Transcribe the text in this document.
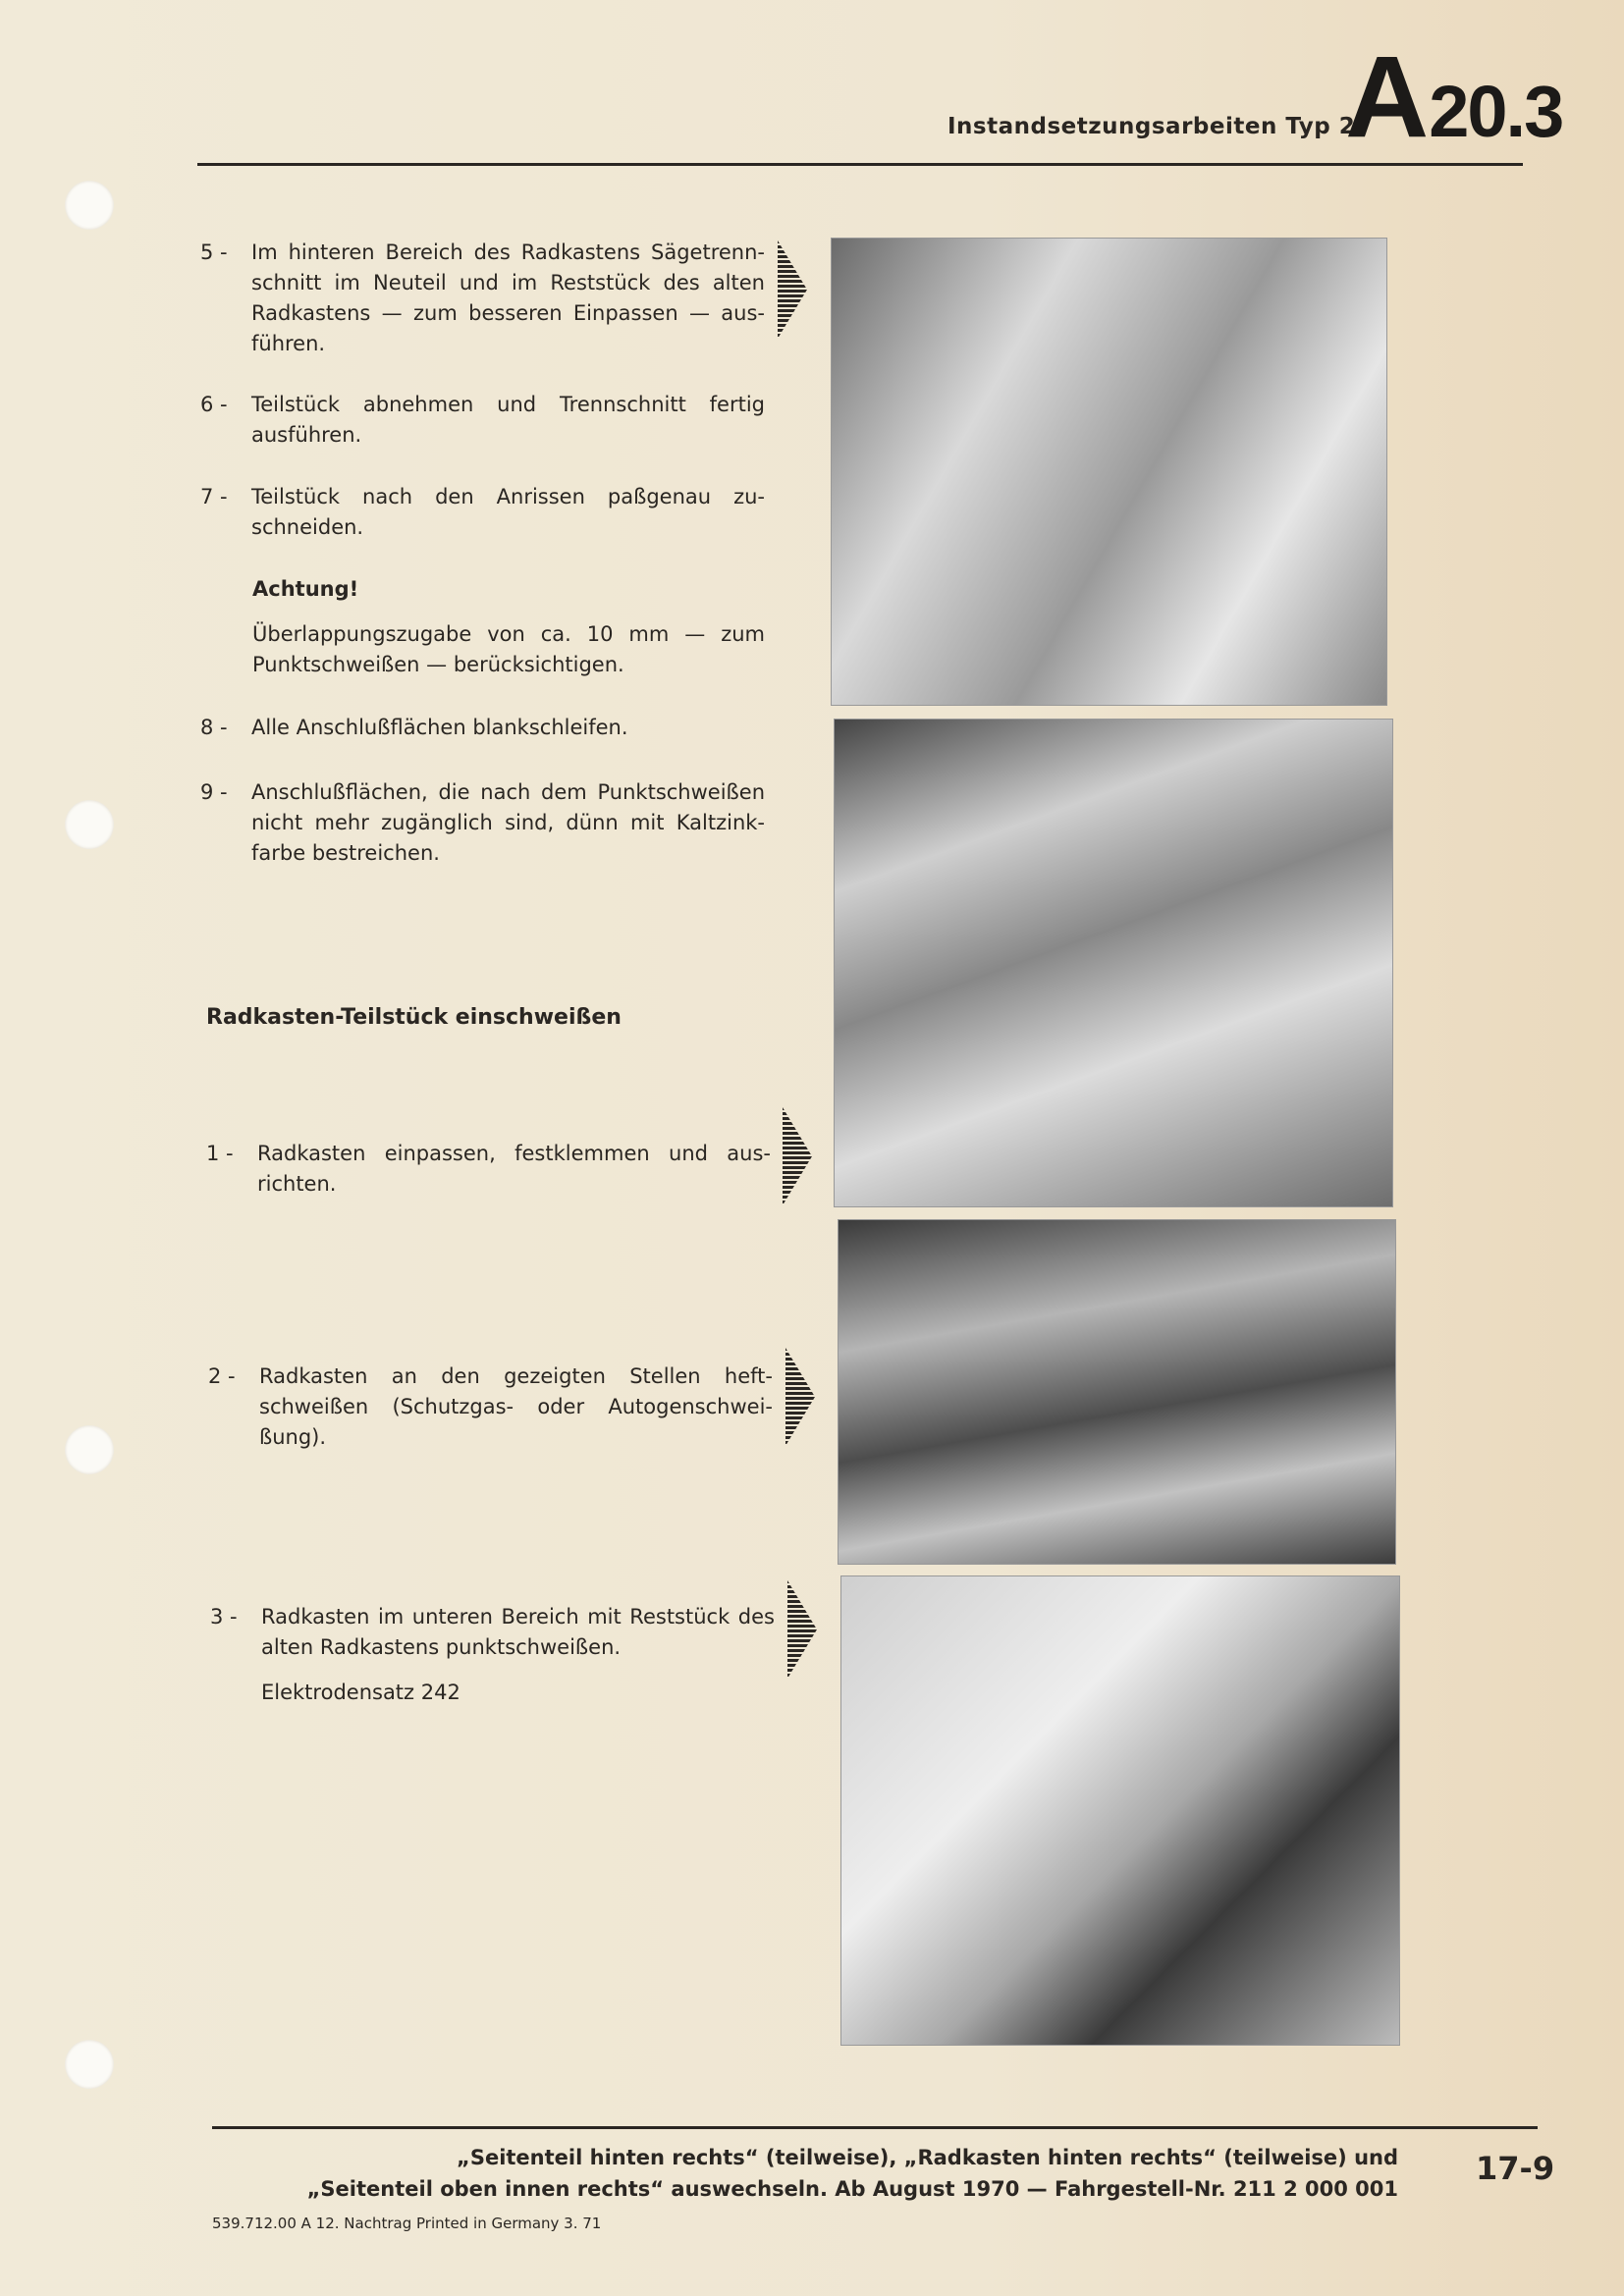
Instandsetzungsarbeiten Typ 2
A20.3
5 - Im hinteren Bereich des Radkastens Sägetrennschnitt im Neuteil und im Reststück des alten Radkastens — zum besseren Einpassen — ausführen.
6 - Teilstück abnehmen und Trennschnitt fertig ausführen.
7 - Teilstück nach den Anrissen paßgenau zuschneiden.
Achtung!
Überlappungszugabe von ca. 10 mm — zum Punktschweißen — berücksichtigen.
8 - Alle Anschlußflächen blankschleifen.
9 - Anschlußflächen, die nach dem Punktschweißen nicht mehr zugänglich sind, dünn mit Kaltzinkfarbe bestreichen.
Radkasten-Teilstück einschweißen
1 - Radkasten einpassen, festklemmen und ausrichten.
2 - Radkasten an den gezeigten Stellen heftschweißen (Schutzgas- oder Autogenschweißung).
3 - Radkasten im unteren Bereich mit Reststück des alten Radkastens punktschweißen.
Elektrodensatz 242
„Seitenteil hinten rechts“ (teilweise), „Radkasten hinten rechts“ (teilweise) und
„Seitenteil oben innen rechts“ auswechseln. Ab August 1970 — Fahrgestell-Nr. 211 2 000 001
17-9
539.712.00 A 12. Nachtrag Printed in Germany 3. 71
